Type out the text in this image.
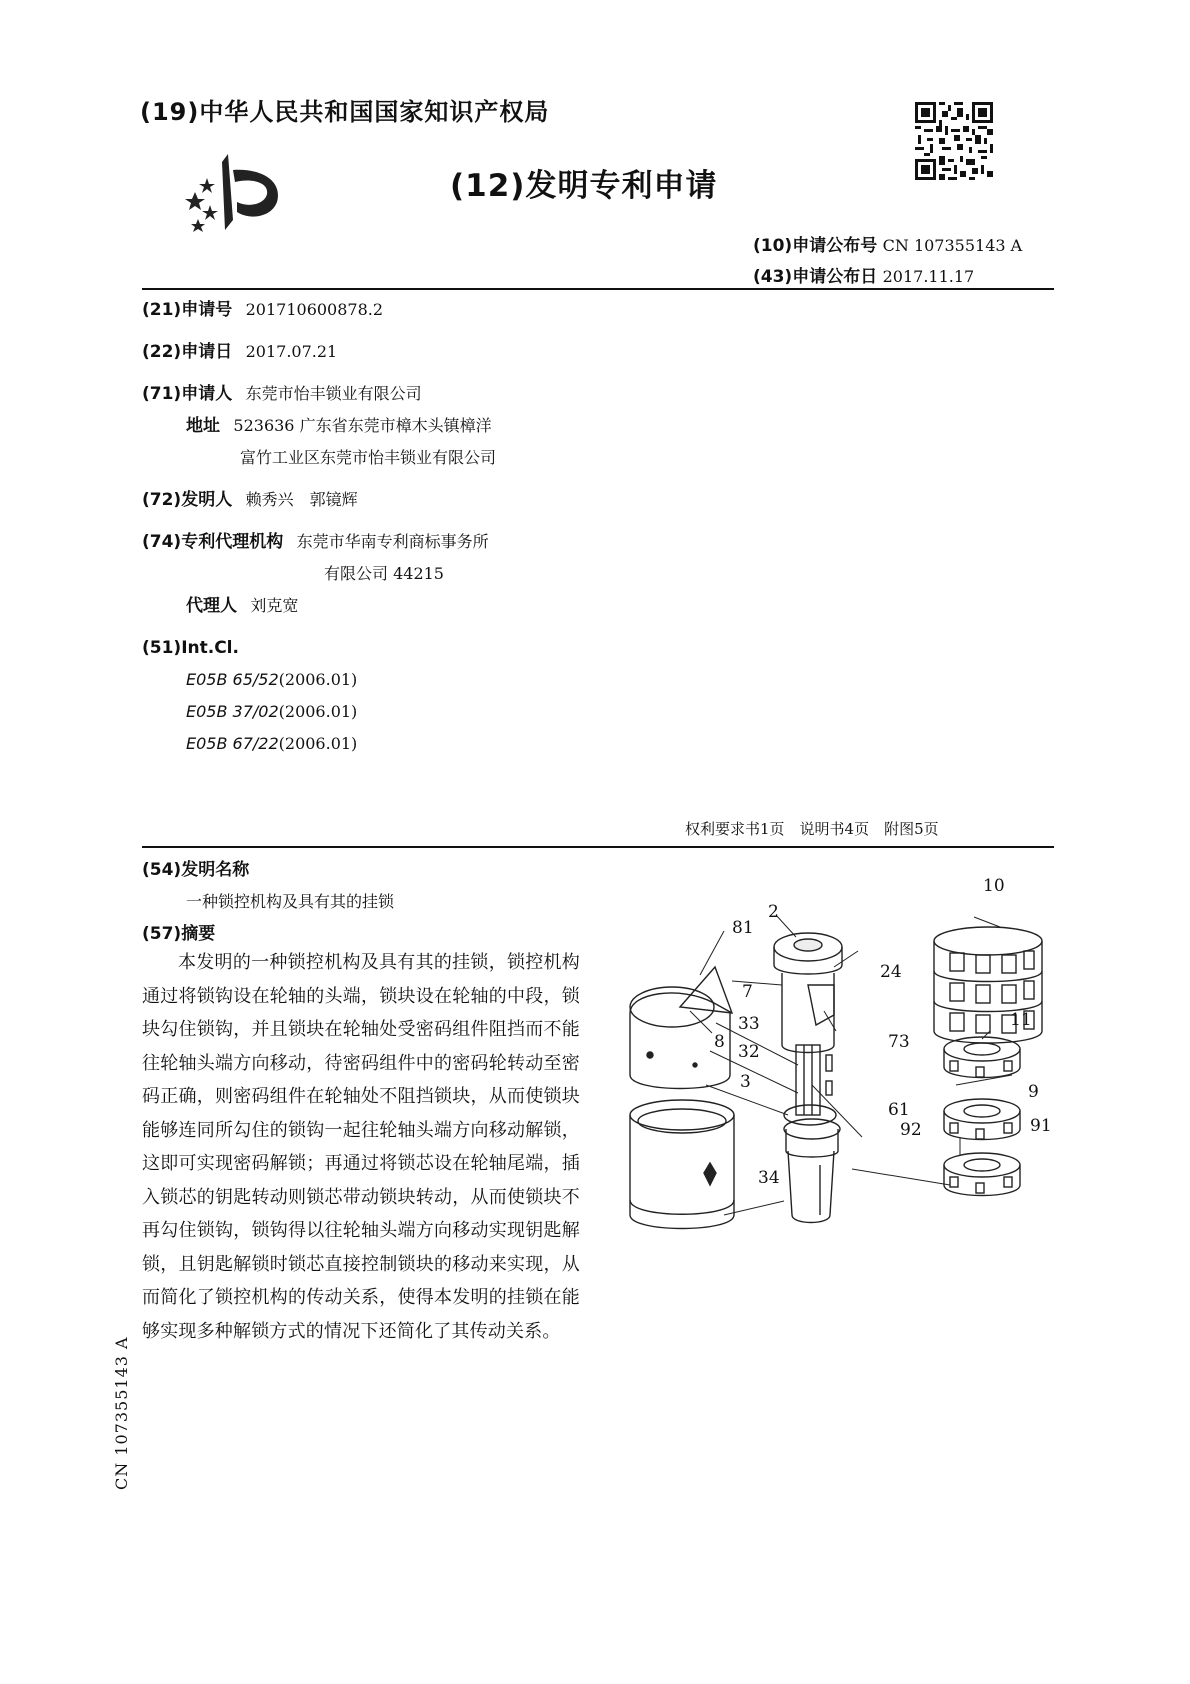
(19)中华人民共和国国家知识产权局
(12)发明专利申请
(10)申请公布号 CN 107355143 A
(43)申请公布日 2017.11.17
(21)申请号 201710600878.2
(22)申请日 2017.07.21
(71)申请人 东莞市怡丰锁业有限公司
地址 523636 广东省东莞市樟木头镇樟洋
富竹工业区东莞市怡丰锁业有限公司
(72)发明人 赖秀兴　郭镜辉
(74)专利代理机构 东莞市华南专利商标事务所
有限公司 44215
代理人 刘克宽
(51)Int.Cl.
E05B 65/52(2006.01)
E05B 37/02(2006.01)
E05B 67/22(2006.01)
权利要求书1页　说明书4页　附图5页
(54)发明名称
一种锁控机构及具有其的挂锁
(57)摘要
本发明的一种锁控机构及具有其的挂锁，锁控机构通过将锁钩设在轮轴的头端，锁块设在轮轴的中段，锁块勾住锁钩，并且锁块在轮轴处受密码组件阻挡而不能往轮轴头端方向移动，待密码组件中的密码轮转动至密码正确，则密码组件在轮轴处不阻挡锁块，从而使锁块能够连同所勾住的锁钩一起往轮轴头端方向移动解锁，这即可实现密码解锁；再通过将锁芯设在轮轴尾端，插入锁芯的钥匙转动则锁芯带动锁块转动，从而使锁块不再勾住锁钩，锁钩得以往轮轴头端方向移动实现钥匙解锁，且钥匙解锁时锁芯直接控制锁块的移动来实现，从而简化了锁控机构的传动关系，使得本发明的挂锁在能够实现多种解锁方式的情况下还简化了其传动关系。
CN 107355143 A
2
81
10
24
7
11
8	73
33
32
9
3
61
92	91
34
